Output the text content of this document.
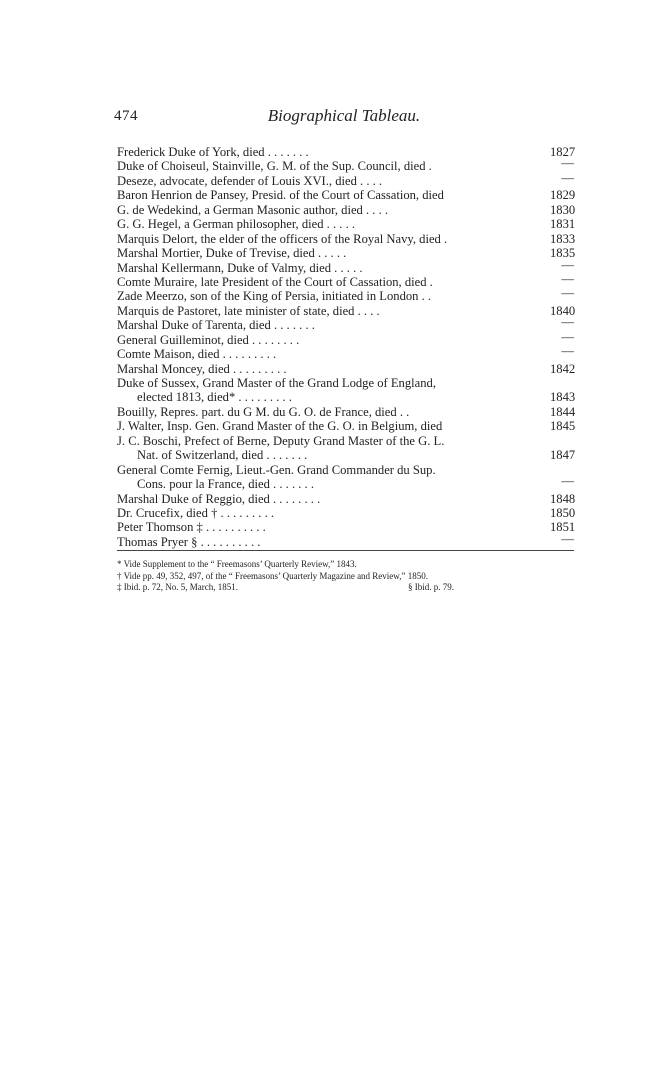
474	Biographical Tableau.
Frederick Duke of York, died . . . . . . .	1827
Duke of Choiseul, Stainville, G. M. of the Sup. Council, died .	—
Deseze, advocate, defender of Louis XVI., died . . . .	—
Baron Henrion de Pansey, Presid. of the Court of Cassation, died	1829
G. de Wedekind, a German Masonic author, died . . . .	1830
G. G. Hegel, a German philosopher, died . . . . .	1831
Marquis Delort, the elder of the officers of the Royal Navy, died .	1833
Marshal Mortier, Duke of Trevise, died . . . . .	1835
Marshal Kellermann, Duke of Valmy, died . . . . .	—
Comte Muraire, late President of the Court of Cassation, died .	—
Zade Meerzo, son of the King of Persia, initiated in London . .	—
Marquis de Pastoret, late minister of state, died . . . .	1840
Marshal Duke of Tarenta, died . . . . . . .	—
General Guilleminot, died . . . . . . . .	—
Comte Maison, died . . . . . . . . .	—
Marshal Moncey, died . . . . . . . . .	1842
Duke of Sussex, Grand Master of the Grand Lodge of England,
elected 1813, died* . . . . . . . . .	1843
Bouilly, Repres. part. du G M. du G. O. de France, died . .	1844
J. Walter, Insp. Gen. Grand Master of the G. O. in Belgium, died	1845
J. C. Boschi, Prefect of Berne, Deputy Grand Master of the G. L.
Nat. of Switzerland, died . . . . . . .	1847
General Comte Fernig, Lieut.-Gen. Grand Commander du Sup.
Cons. pour la France, died . . . . . . .	—
Marshal Duke of Reggio, died . . . . . . . .	1848
Dr. Crucefix, died † . . . . . . . . .	1850
Peter Thomson ‡ . . . . . . . . . .	1851
Thomas Pryer § . . . . . . . . . .	—
* Vide Supplement to the “ Freemasons’ Quarterly Review,” 1843.
† Vide pp. 49, 352, 497, of the “ Freemasons’ Quarterly Magazine and Review,” 1850.
‡ Ibid. p. 72, No. 5, March, 1851.	§ Ibid. p. 79.
